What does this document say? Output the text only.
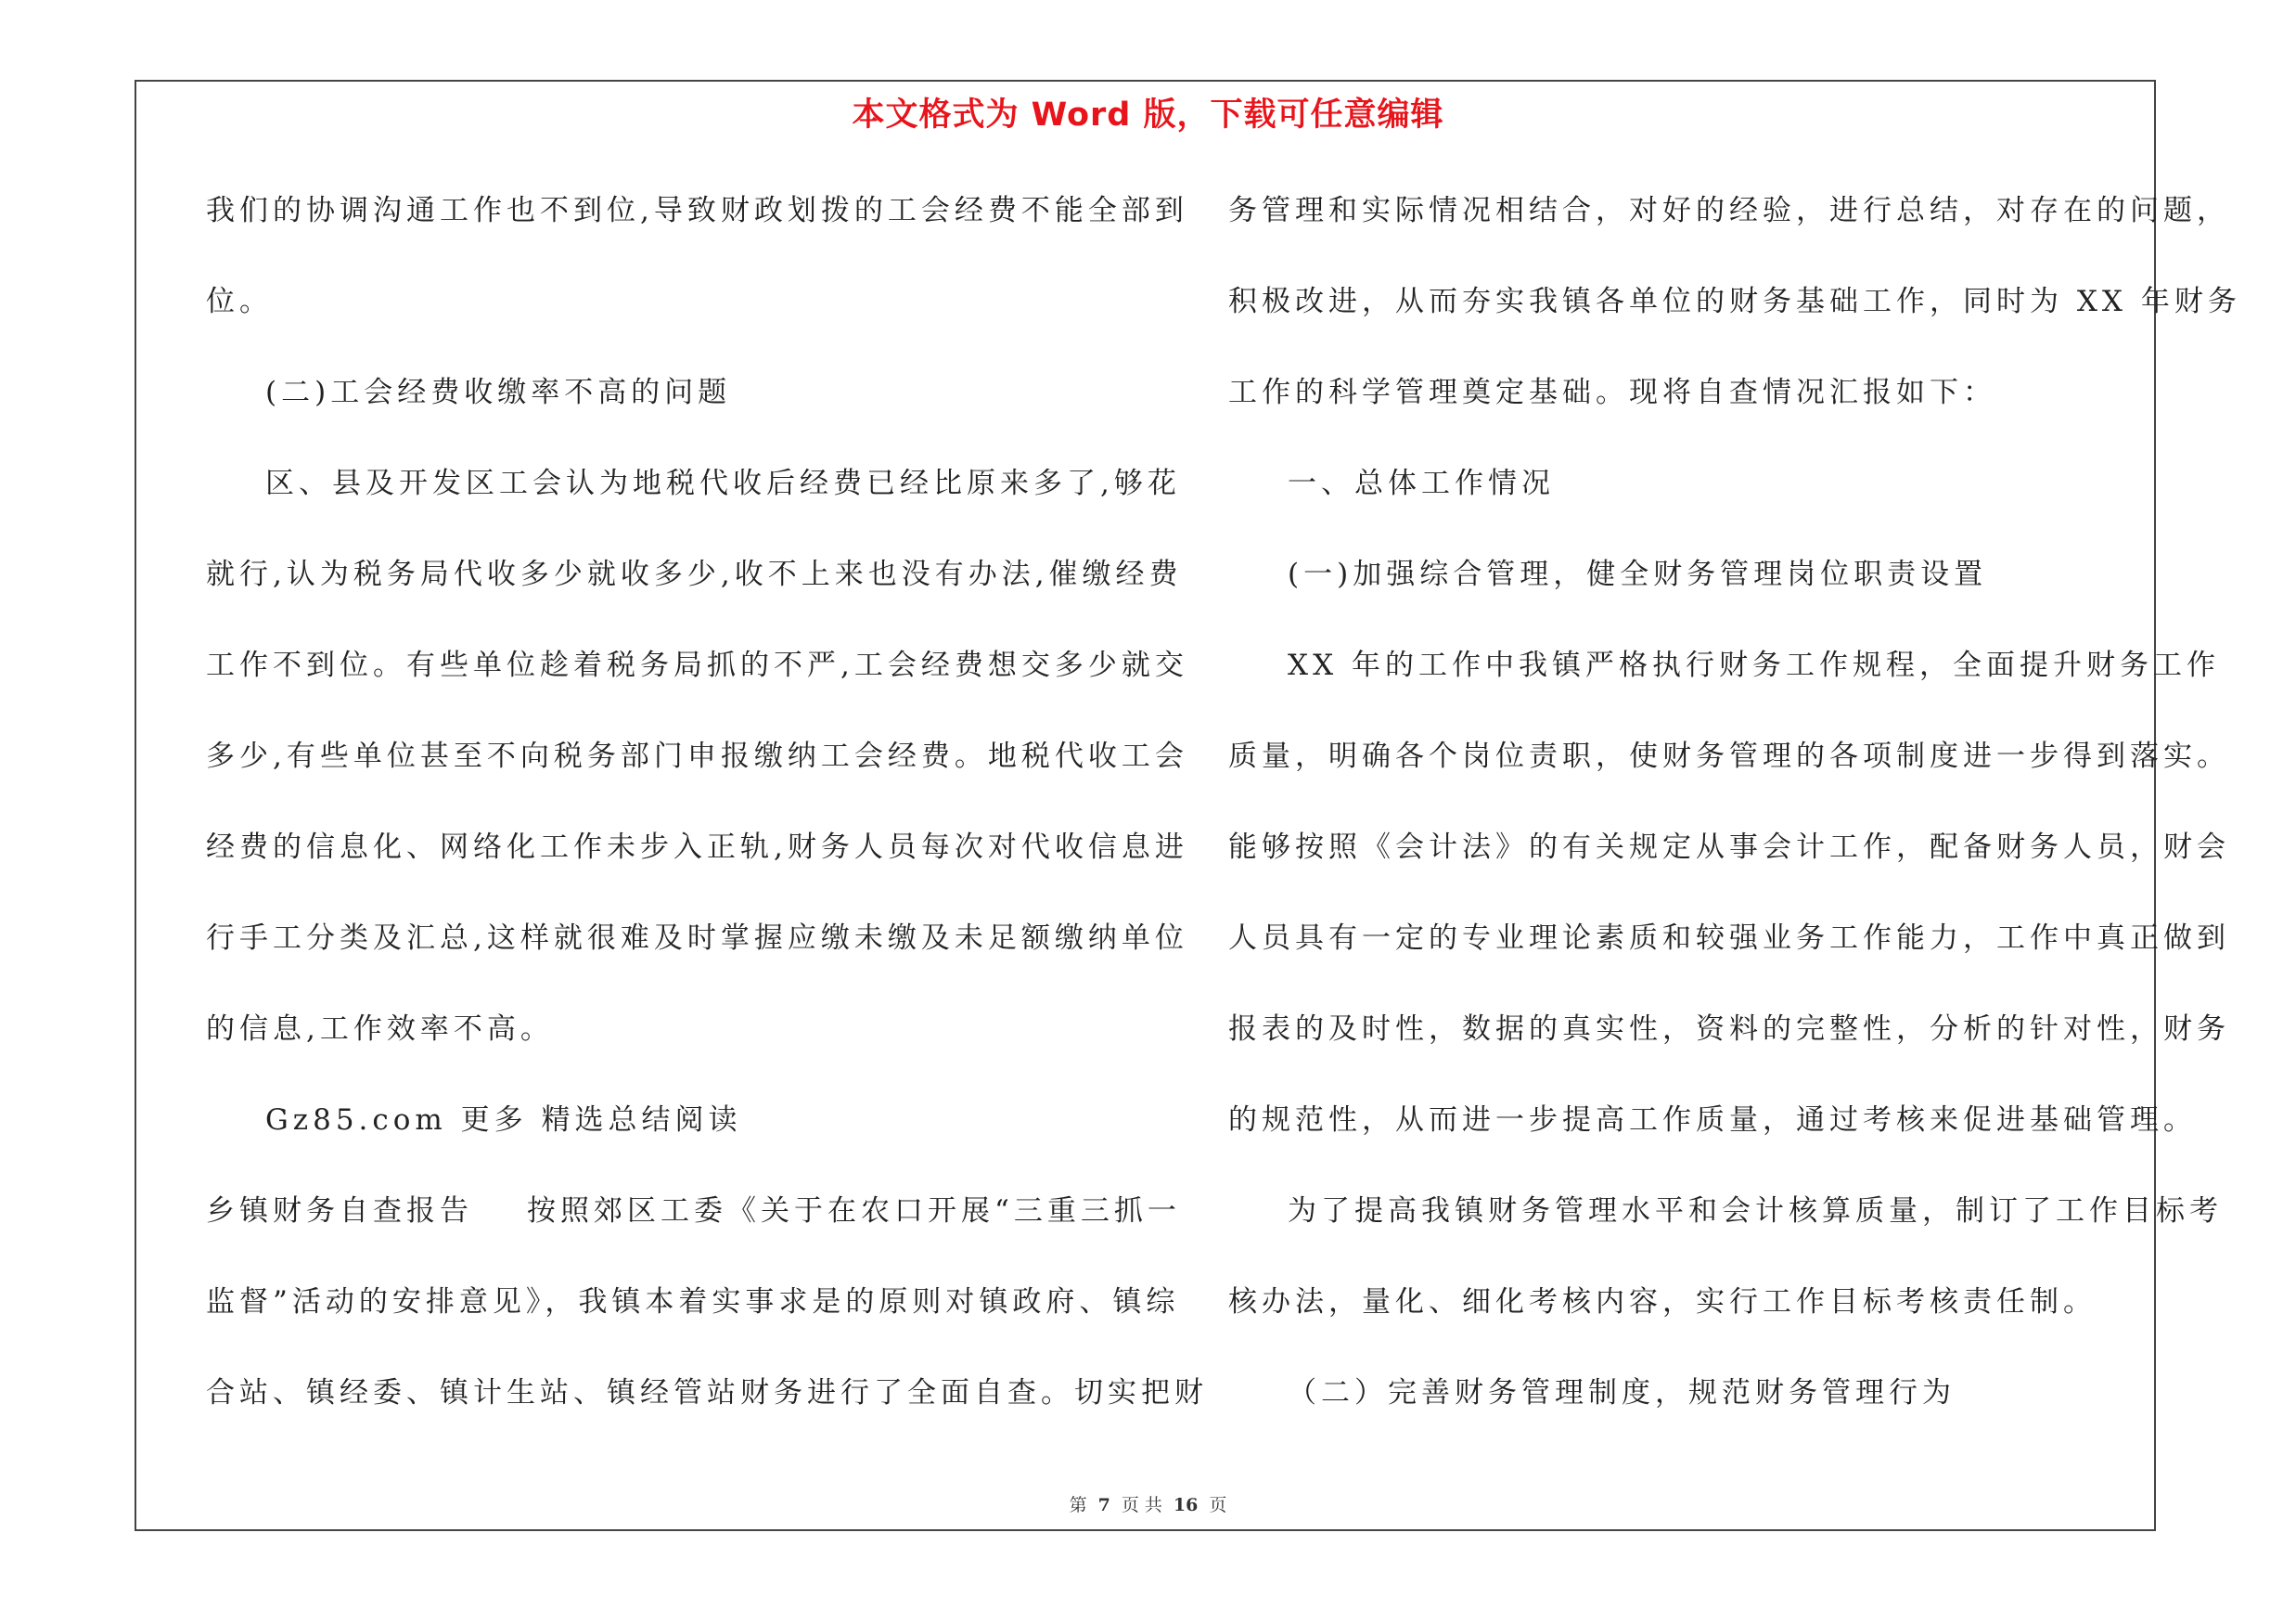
本文格式为 Word 版，下载可任意编辑
我们的协调沟通工作也不到位,导致财政划拨的工会经费不能全部到
位。
(二)工会经费收缴率不高的问题
区、县及开发区工会认为地税代收后经费已经比原来多了,够花
就行,认为税务局代收多少就收多少,收不上来也没有办法,催缴经费
工作不到位。有些单位趁着税务局抓的不严,工会经费想交多少就交
多少,有些单位甚至不向税务部门申报缴纳工会经费。地税代收工会
经费的信息化、网络化工作未步入正轨,财务人员每次对代收信息进
行手工分类及汇总,这样就很难及时掌握应缴未缴及未足额缴纳单位
的信息,工作效率不高。
Gz85.com 更多 精选总结阅读
乡镇财务自查报告 按照郊区工委《关于在农口开展“三重三抓一
监督”活动的安排意见》，我镇本着实事求是的原则对镇政府、镇综
合站、镇经委、镇计生站、镇经管站财务进行了全面自查。切实把财
务管理和实际情况相结合，对好的经验，进行总结，对存在的问题，
积极改进，从而夯实我镇各单位的财务基础工作，同时为 XX 年财务
工作的科学管理奠定基础。现将自查情况汇报如下：
一、总体工作情况
(一)加强综合管理，健全财务管理岗位职责设置
XX 年的工作中我镇严格执行财务工作规程，全面提升财务工作
质量，明确各个岗位责职，使财务管理的各项制度进一步得到落实。
能够按照《会计法》的有关规定从事会计工作，配备财务人员，财会
人员具有一定的专业理论素质和较强业务工作能力，工作中真正做到
报表的及时性，数据的真实性，资料的完整性，分析的针对性，财务
的规范性，从而进一步提高工作质量，通过考核来促进基础管理。
为了提高我镇财务管理水平和会计核算质量，制订了工作目标考
核办法，量化、细化考核内容，实行工作目标考核责任制。
（二）完善财务管理制度，规范财务管理行为
第 7 页 共 16 页
